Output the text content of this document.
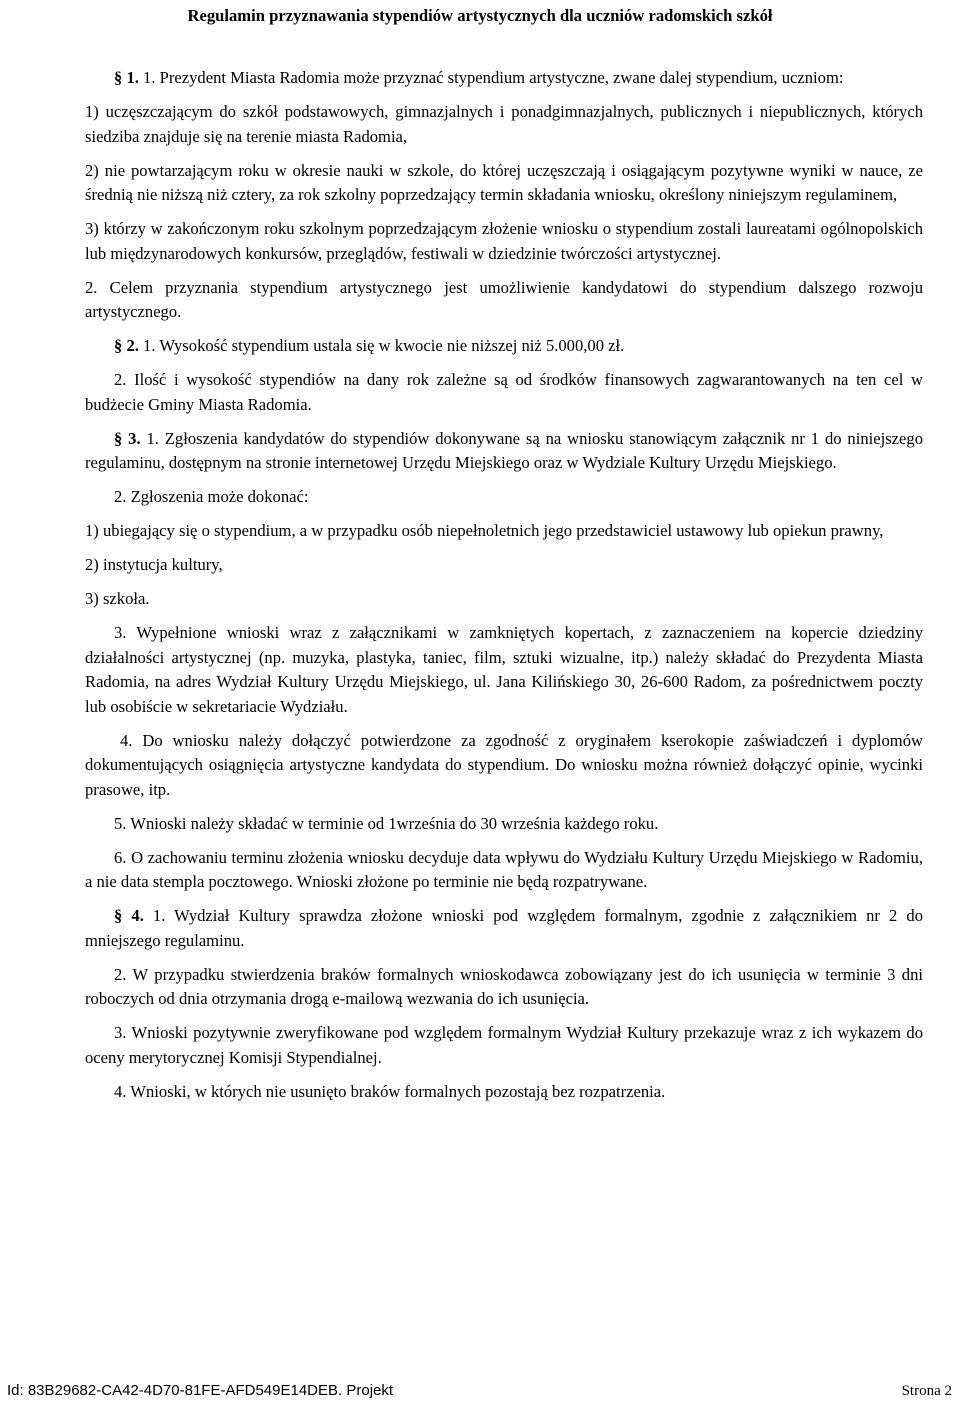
Regulamin przyznawania stypendiów artystycznych dla uczniów radomskich szkół

§ 1. 1. Prezydent Miasta Radomia może przyznać stypendium artystyczne, zwane dalej stypendium, uczniom:

1) uczęszczającym do szkół podstawowych, gimnazjalnych i ponadgimnazjalnych, publicznych i niepublicznych, których siedziba znajduje się na terenie miasta Radomia,

2) nie powtarzającym roku w okresie nauki w szkole, do której uczęszczają i osiągającym pozytywne wyniki w nauce, ze średnią nie niższą niż cztery, za rok szkolny poprzedzający termin składania wniosku, określony niniejszym regulaminem,

3) którzy w zakończonym roku szkolnym poprzedzającym złożenie wniosku o stypendium zostali laureatami ogólnopolskich lub międzynarodowych konkursów, przeglądów, festiwali w dziedzinie twórczości artystycznej.

2. Celem przyznania stypendium artystycznego jest umożliwienie kandydatowi do stypendium dalszego rozwoju artystycznego.

§ 2. 1. Wysokość stypendium ustala się w kwocie nie niższej niż 5.000,00 zł.

2. Ilość i wysokość stypendiów na dany rok zależne są od środków finansowych zagwarantowanych na ten cel w budżecie Gminy Miasta Radomia.

§ 3. 1. Zgłoszenia kandydatów do stypendiów dokonywane są na wniosku stanowiącym załącznik nr 1 do niniejszego regulaminu, dostępnym na stronie internetowej Urzędu Miejskiego oraz w Wydziale Kultury Urzędu Miejskiego.

2. Zgłoszenia może dokonać:

1) ubiegający się o stypendium, a w przypadku osób niepełnoletnich jego przedstawiciel ustawowy lub opiekun prawny,

2) instytucja kultury,

3) szkoła.

3. Wypełnione wnioski wraz z załącznikami w zamkniętych kopertach, z zaznaczeniem na kopercie dziedziny działalności artystycznej (np. muzyka, plastyka, taniec, film, sztuki wizualne, itp.) należy składać do Prezydenta Miasta Radomia, na adres Wydział Kultury Urzędu Miejskiego, ul. Jana Kilińskiego 30, 26-600 Radom, za pośrednictwem poczty lub osobiście w sekretariacie Wydziału.

4. Do wniosku należy dołączyć potwierdzone za zgodność z oryginałem kserokopie zaświadczeń i dyplomów dokumentujących osiągnięcia artystyczne kandydata do stypendium. Do wniosku można również dołączyć opinie, wycinki prasowe, itp.

5. Wnioski należy składać w terminie od 1września do 30 września każdego roku.

6. O zachowaniu terminu złożenia wniosku decyduje data wpływu do Wydziału Kultury Urzędu Miejskiego w Radomiu, a nie data stempla pocztowego. Wnioski złożone po terminie nie będą rozpatrywane.

§ 4. 1. Wydział Kultury sprawdza złożone wnioski pod względem formalnym, zgodnie z załącznikiem nr 2 do mniejszego regulaminu.

2. W przypadku stwierdzenia braków formalnych wnioskodawca zobowiązany jest do ich usunięcia w terminie 3 dni roboczych od dnia otrzymania drogą e-mailową wezwania do ich usunięcia.

3. Wnioski pozytywnie zweryfikowane pod względem formalnym Wydział Kultury przekazuje wraz z ich wykazem do oceny merytorycznej Komisji Stypendialnej.

4. Wnioski, w których nie usunięto braków formalnych pozostają bez rozpatrzenia.

Id: 83B29682-CA42-4D70-81FE-AFD549E14DEB. Projekt	Strona 2
